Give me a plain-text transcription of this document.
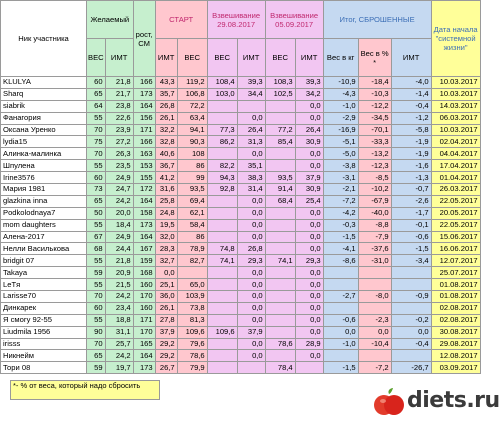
Ник участника	Желаемый		рост, СМ	СТАРТ		Взвешивание 29.08.2017		Взвешивание 05.09.2017		Итог, СБРОШЕННЫЕ			Дата начала "системной жизни"
	ВЕС	ИМТ		ИМТ	ВЕС	ВЕС	ИМТ	ВЕС	ИМТ	Вес в кг	Вес в % *	ИМТ	
KLULYA	60	21,8	166	43,3	119,2	108,4	39,3	108,3	39,3	-10,9	-18,4	-4,0	10.03.2017
Sharq	65	21,7	173	35,7	106,8	103,0	34,4	102,5	34,2	-4,3	-10,3	-1,4	10.03.2017
siabrik	64	23,8	164	26,8	72,2				0,0	-1,0	-12,2	-0,4	14.03.2017
Фанагория	55	22,6	156	26,1	63,4		0,0		0,0	-2,9	-34,5	-1,2	06.03.2017
Оксана Уренко	70	23,9	171	32,2	94,1	77,3	26,4	77,2	26,4	-16,9	-70,1	-5,8	10.03.2017
lydia15	75	27,2	166	32,8	90,3	86,2	31,3	85,4	30,9	-5,1	-33,3	-1,9	02.04.2017
Алинка-малинка	70	26,3	163	40,6	108		0,0		0,0	-5,0	-13,2	-1,9	04.04.2017
Шпулена	55	23,5	153	36,7	86	82,2	35,1		0,0	-3,8	-12,3	-1,6	17.04.2017
Irine3576	60	24,9	155	41,2	99	94,3	38,3	93,5	37,9	-3,1	-8,5	-1,3	01.04.2017
Мария 1981	73	24,7	172	31,6	93,5	92,8	31,4	91,4	30,9	-2,1	-10,2	-0,7	26.03.2017
glazkina inna	65	24,2	164	25,8	69,4		0,0	68,4	25,4	-7,2	-67,9	-2,6	22.05.2017
Podkolodnaya7	50	20,0	158	24,8	62,1		0,0		0,0	-4,2	-40,0	-1,7	20.05.2017
mom daughters	55	18,4	173	19,5	58,4		0,0		0,0	-0,3	-8,8	-0,1	22.05.2017
Алена-2017	67	24,9	164	32,0	86		0,0		0,0	-1,5	-7,9	-0,6	15.06.2017
Нелли Васильковa	68	24,4	167	28,3	78,9	74,8	26,8		0,0	-4,1	-37,6	-1,5	16.06.2017
bridgit 07	55	21,8	159	32,7	82,7	74,1	29,3	74,1	29,3	-8,6	-31,0	-3,4	12.07.2017
Takaya	59	20,9	168	0,0			0,0		0,0				25.07.2017
LeTя	55	21,5	160	25,1	65,0		0,0		0,0				01.08.2017
Larisse70	70	24,2	170	36,0	103,9		0,0		0,0	-2,7	-8,0	-0,9	01.08.2017
Динкарек	60	23,4	160	26,1	73,8		0,0		0,0				02.08.2017
Я смогу 92-55	55	18,8	171	27,8	81,3		0,0		0,0	-0,6	-2,3	-0,2	02.08.2017
Liudmila 1956	90	31,1	170	37,9	109,6	109,6	37,9		0,0	0,0	0,0	0,0	30.08.2017
irisss	70	25,7	165	29,2	79,6		0,0	78,6	28,9	-1,0	-10,4	-0,4	29.08.2017
Никнейм	65	24,2	164	29,2	78,6		0,0		0,0				12.08.2017
Тори 08	59	19,7	173	26,7	79,9			78,4		-1,5	-7,2	-26,7	03.09.2017
*- % от веса, который надо сбросить
diets.ru
